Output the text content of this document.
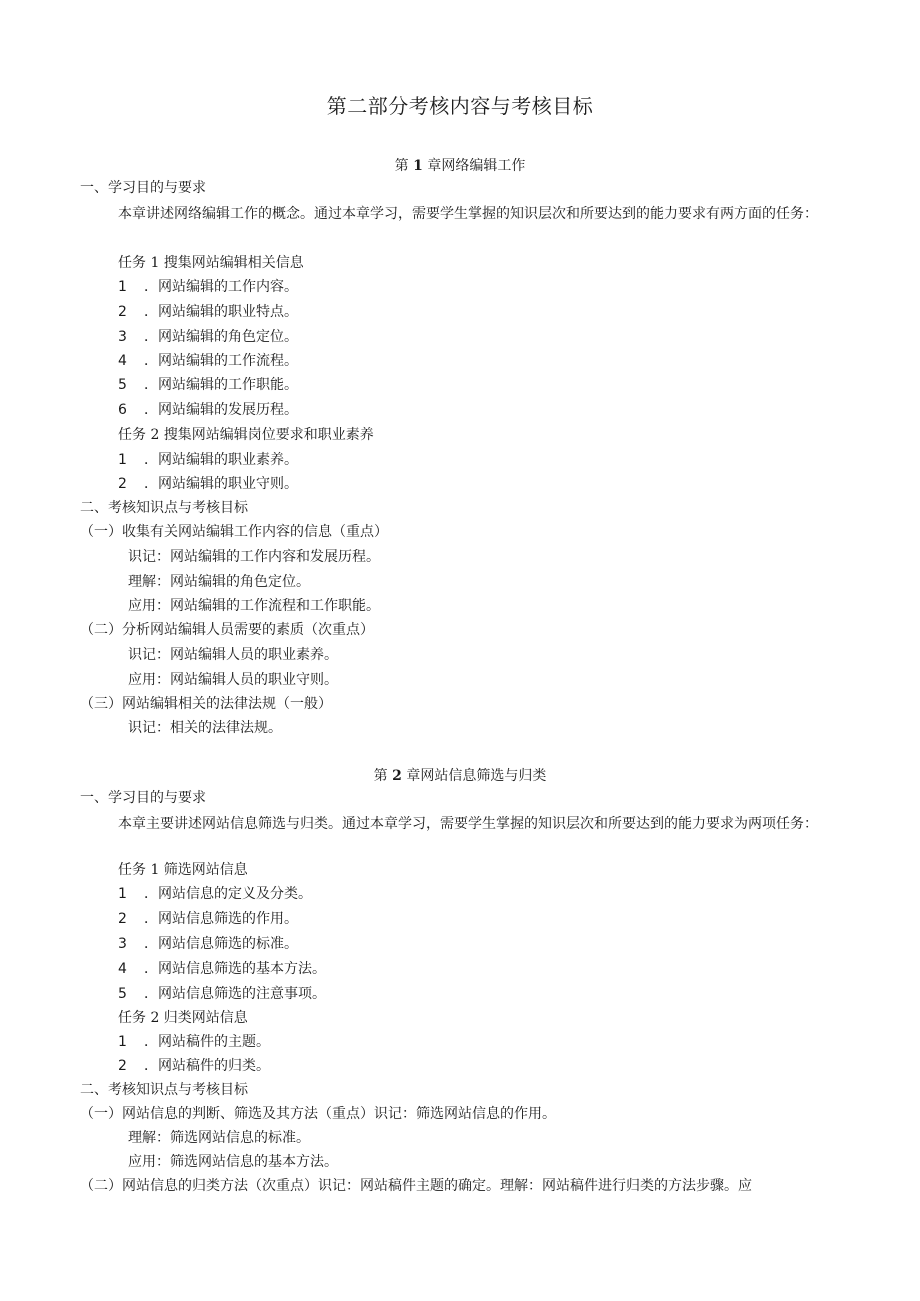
第二部分考核内容与考核目标
第 1 章网络编辑工作
一、学习目的与要求
本章讲述网络编辑工作的概念。通过本章学习，需要学生掌握的知识层次和所要达到的能力要求有两方面的任务：
任务 1 搜集网站编辑相关信息
1 ．网站编辑的工作内容。
2 ．网站编辑的职业特点。
3 ．网站编辑的角色定位。
4 ．网站编辑的工作流程。
5 ．网站编辑的工作职能。
6 ．网站编辑的发展历程。
任务 2 搜集网站编辑岗位要求和职业素养
1 ．网站编辑的职业素养。
2 ．网站编辑的职业守则。
二、考核知识点与考核目标
（一）收集有关网站编辑工作内容的信息（重点）
识记：网站编辑的工作内容和发展历程。
理解：网站编辑的角色定位。
应用：网站编辑的工作流程和工作职能。
（二）分析网站编辑人员需要的素质（次重点）
识记：网站编辑人员的职业素养。
应用：网站编辑人员的职业守则。
（三）网站编辑相关的法律法规（一般）
识记：相关的法律法规。
第 2 章网站信息筛选与归类
一、学习目的与要求
本章主要讲述网站信息筛选与归类。通过本章学习，需要学生掌握的知识层次和所要达到的能力要求为两项任务：
任务 1 筛选网站信息
1 ．网站信息的定义及分类。
2 ．网站信息筛选的作用。
3 ．网站信息筛选的标准。
4 ．网站信息筛选的基本方法。
5 ．网站信息筛选的注意事项。
任务 2 归类网站信息
1 ．网站稿件的主题。
2 ．网站稿件的归类。
二、考核知识点与考核目标
（一）网站信息的判断、筛选及其方法（重点）识记：筛选网站信息的作用。
理解：筛选网站信息的标准。
应用：筛选网站信息的基本方法。
（二）网站信息的归类方法（次重点）识记：网站稿件主题的确定。理解：网站稿件进行归类的方法步骤。应
